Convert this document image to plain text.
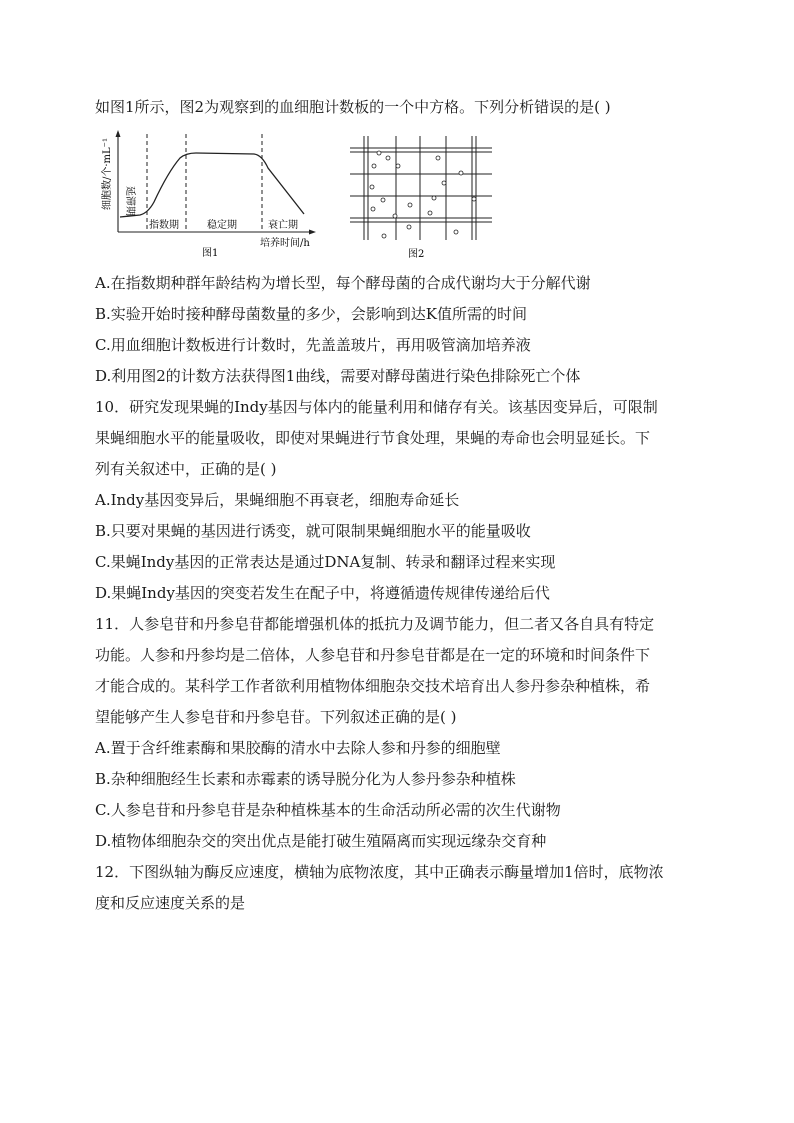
如图1所示，图2为观察到的血细胞计数板的一个中方格。下列分析错误的是( )
细胞数/个·mL⁻¹ 延滞期
指数期	稳定期	衰亡期
培养时间/h
图1	图2
A.在指数期种群年龄结构为增长型，每个酵母菌的合成代谢均大于分解代谢
B.实验开始时接种酵母菌数量的多少，会影响到达K值所需的时间
C.用血细胞计数板进行计数时，先盖盖玻片，再用吸管滴加培养液
D.利用图2的计数方法获得图1曲线，需要对酵母菌进行染色排除死亡个体
10．研究发现果蝇的Indy基因与体内的能量利用和储存有关。该基因变异后，可限制
果蝇细胞水平的能量吸收，即使对果蝇进行节食处理，果蝇的寿命也会明显延长。下
列有关叙述中，正确的是( )
A.Indy基因变异后，果蝇细胞不再衰老，细胞寿命延长
B.只要对果蝇的基因进行诱变，就可限制果蝇细胞水平的能量吸收
C.果蝇Indy基因的正常表达是通过DNA复制、转录和翻译过程来实现
D.果蝇Indy基因的突变若发生在配子中，将遵循遗传规律传递给后代
11．人参皂苷和丹参皂苷都能增强机体的抵抗力及调节能力，但二者又各自具有特定
功能。人参和丹参均是二倍体，人参皂苷和丹参皂苷都是在一定的环境和时间条件下
才能合成的。某科学工作者欲利用植物体细胞杂交技术培育出人参丹参杂种植株，希
望能够产生人参皂苷和丹参皂苷。下列叙述正确的是( )
A.置于含纤维素酶和果胶酶的清水中去除人参和丹参的细胞壁
B.杂种细胞经生长素和赤霉素的诱导脱分化为人参丹参杂种植株
C.人参皂苷和丹参皂苷是杂种植株基本的生命活动所必需的次生代谢物
D.植物体细胞杂交的突出优点是能打破生殖隔离而实现远缘杂交育种
12．下图纵轴为酶反应速度，横轴为底物浓度，其中正确表示酶量增加1倍时，底物浓
度和反应速度关系的是
